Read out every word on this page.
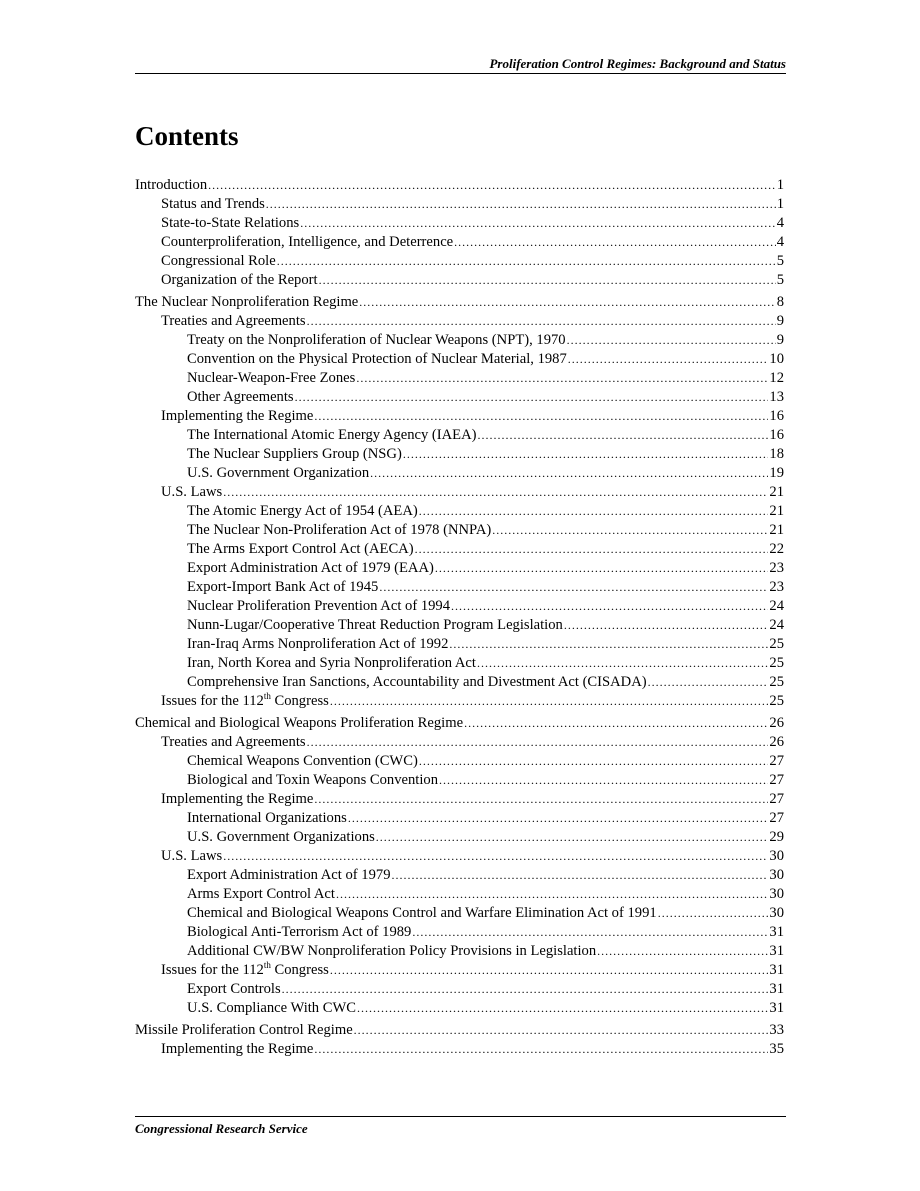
Proliferation Control Regimes: Background and Status
Contents
Introduction .....	1
Status and Trends .....	1
State-to-State Relations .....	4
Counterproliferation, Intelligence, and Deterrence .....	4
Congressional Role .....	5
Organization of the Report .....	5
The Nuclear Nonproliferation Regime .....	8
Treaties and Agreements .....	9
Treaty on the Nonproliferation of Nuclear Weapons (NPT), 1970 .....	9
Convention on the Physical Protection of Nuclear Material, 1987 .....	10
Nuclear-Weapon-Free Zones .....	12
Other Agreements .....	13
Implementing the Regime .....	16
The International Atomic Energy Agency (IAEA) .....	16
The Nuclear Suppliers Group (NSG) .....	18
U.S. Government Organization .....	19
U.S. Laws .....	21
The Atomic Energy Act of 1954 (AEA) .....	21
The Nuclear Non-Proliferation Act of 1978 (NNPA) .....	21
The Arms Export Control Act (AECA) .....	22
Export Administration Act of 1979 (EAA) .....	23
Export-Import Bank Act of 1945 .....	23
Nuclear Proliferation Prevention Act of 1994 .....	24
Nunn-Lugar/Cooperative Threat Reduction Program Legislation .....	24
Iran-Iraq Arms Nonproliferation Act of 1992 .....	25
Iran, North Korea and Syria Nonproliferation Act .....	25
Comprehensive Iran Sanctions, Accountability and Divestment Act (CISADA) .....	25
Issues for the 112th Congress .....	25
Chemical and Biological Weapons Proliferation Regime .....	26
Treaties and Agreements .....	26
Chemical Weapons Convention (CWC) .....	27
Biological and Toxin Weapons Convention .....	27
Implementing the Regime .....	27
International Organizations .....	27
U.S. Government Organizations .....	29
U.S. Laws .....	30
Export Administration Act of 1979 .....	30
Arms Export Control Act .....	30
Chemical and Biological Weapons Control and Warfare Elimination Act of 1991 .....	30
Biological Anti-Terrorism Act of 1989 .....	31
Additional CW/BW Nonproliferation Policy Provisions in Legislation .....	31
Issues for the 112th Congress .....	31
Export Controls .....	31
U.S. Compliance With CWC .....	31
Missile Proliferation Control Regime .....	33
Implementing the Regime .....	35
Congressional Research Service
